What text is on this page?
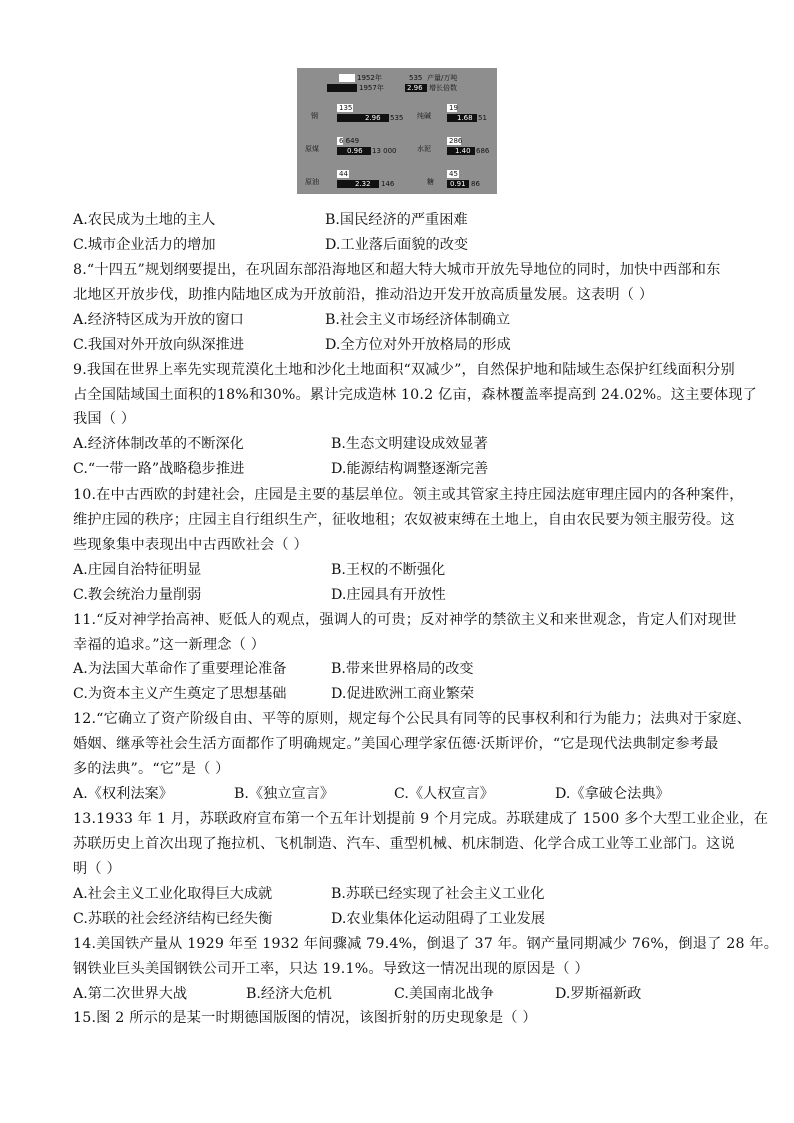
1952年
1957年
535 产量/万吨
2.96 增长倍数
钢
135
2.96 535
原煤
6 649
0.96 13 000
原油
44
2.32 146
纯碱
19
1.68 51
水泥
286
1.40 686
糖
45
0.91 86
A.农民成为土地的主人	B.国民经济的严重困难
C.城市企业活力的增加	D.工业落后面貌的改变
8.“十四五”规划纲要提出，在巩固东部沿海地区和超大特大城市开放先导地位的同时，加快中西部和东
北地区开放步伐，助推内陆地区成为开放前沿，推动沿边开发开放高质量发展。这表明（ ）
A.经济特区成为开放的窗口	B.社会主义市场经济体制确立
C.我国对外开放向纵深推进	D.全方位对外开放格局的形成
9.我国在世界上率先实现荒漠化土地和沙化土地面积“双减少”，自然保护地和陆域生态保护红线面积分别
占全国陆域国土面积的18%和30%。累计完成造林 10.2 亿亩，森林覆盖率提高到 24.02%。这主要体现了
我国（ ）
A.经济体制改革的不断深化	B.生态文明建设成效显著
C.“一带一路”战略稳步推进	D.能源结构调整逐渐完善
10.在中古西欧的封建社会，庄园是主要的基层单位。领主或其管家主持庄园法庭审理庄园内的各种案件，
维护庄园的秩序；庄园主自行组织生产，征收地租；农奴被束缚在土地上，自由农民要为领主服劳役。这
些现象集中表现出中古西欧社会（ ）
A.庄园自治特征明显	B.王权的不断强化
C.教会统治力量削弱	D.庄园具有开放性
11.“反对神学抬高神、贬低人的观点，强调人的可贵；反对神学的禁欲主义和来世观念，肯定人们对现世
幸福的追求。”这一新理念（ ）
A.为法国大革命作了重要理论准备	B.带来世界格局的改变
C.为资本主义产生奠定了思想基础	D.促进欧洲工商业繁荣
12.“它确立了资产阶级自由、平等的原则，规定每个公民具有同等的民事权利和行为能力；法典对于家庭、
婚姻、继承等社会生活方面都作了明确规定。”美国心理学家伍德·沃斯评价，“它是现代法典制定参考最
多的法典”。“它”是（ ）
A.《权利法案》	B.《独立宣言》	C.《人权宣言》	D.《拿破仑法典》
13.1933 年 1 月，苏联政府宣布第一个五年计划提前 9 个月完成。苏联建成了 1500 多个大型工业企业，在
苏联历史上首次出现了拖拉机、飞机制造、汽车、重型机械、机床制造、化学合成工业等工业部门。这说
明（ ）
A.社会主义工业化取得巨大成就	B.苏联已经实现了社会主义工业化
C.苏联的社会经济结构已经失衡	D.农业集体化运动阻碍了工业发展
14.美国铁产量从 1929 年至 1932 年间骤减 79.4%，倒退了 37 年。钢产量同期减少 76%，倒退了 28 年。
钢铁业巨头美国钢铁公司开工率，只达 19.1%。导致这一情况出现的原因是（ ）
A.第二次世界大战	B.经济大危机	C.美国南北战争	D.罗斯福新政
15.图 2 所示的是某一时期德国版图的情况，该图折射的历史现象是（ ）
